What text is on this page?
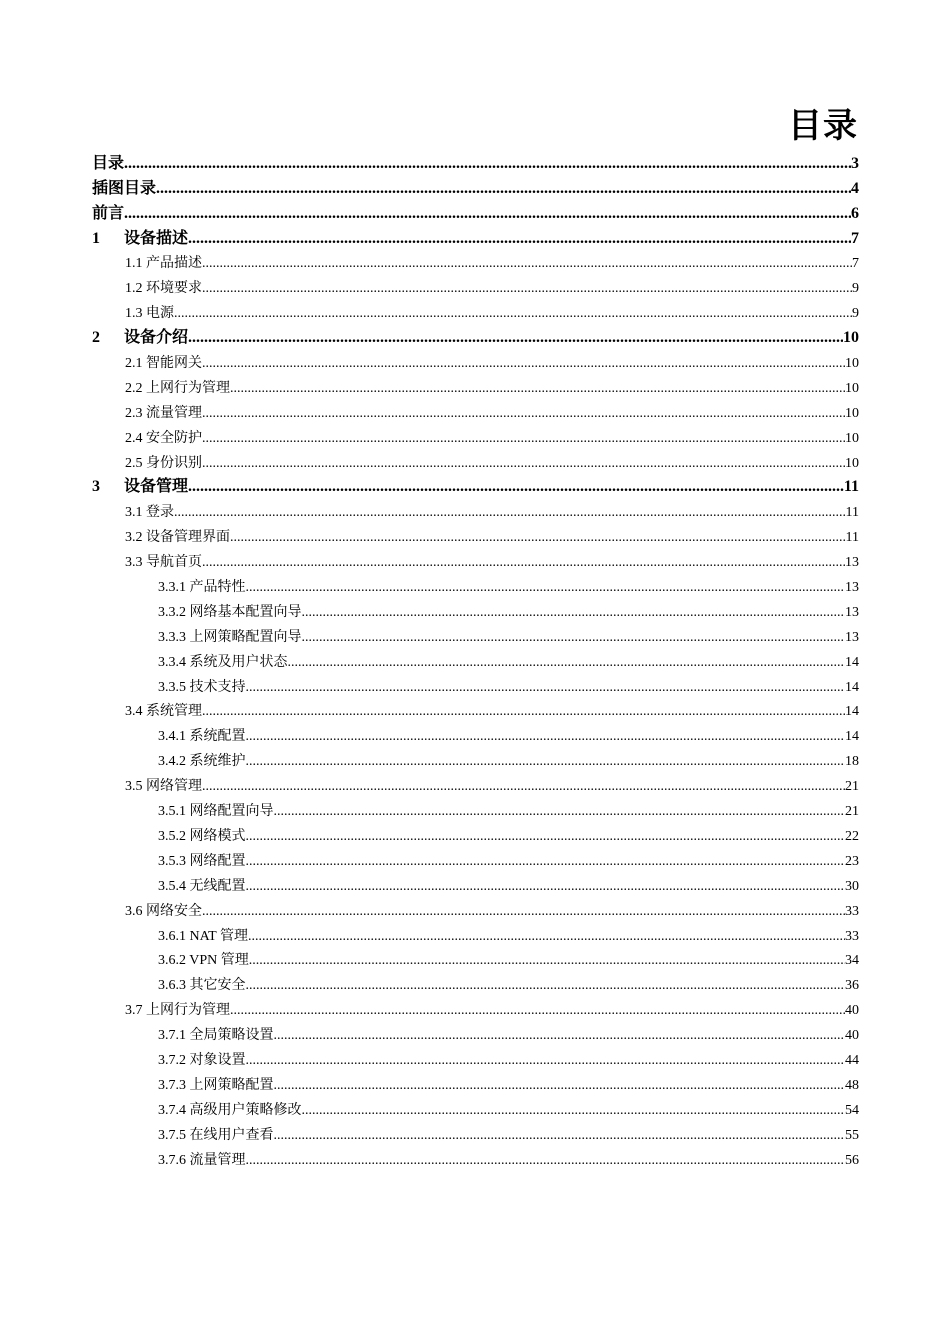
目录
目录 .....	3
插图目录 .....	4
前言 .....	6
1	设备描述 .....	7
1.1 产品描述 .....	7
1.2 环境要求 .....	9
1.3 电源 .....	9
2	设备介绍 .....	10
2.1 智能网关 .....	10
2.2 上网行为管理 .....	10
2.3 流量管理 .....	10
2.4 安全防护 .....	10
2.5 身份识别 .....	10
3	设备管理 .....	11
3.1 登录 .....	11
3.2 设备管理界面 .....	11
3.3 导航首页 .....	13
3.3.1 产品特性 .....	13
3.3.2 网络基本配置向导 .....	13
3.3.3 上网策略配置向导 .....	13
3.3.4 系统及用户状态 .....	14
3.3.5 技术支持 .....	14
3.4 系统管理 .....	14
3.4.1 系统配置 .....	14
3.4.2 系统维护 .....	18
3.5 网络管理 .....	21
3.5.1 网络配置向导 .....	21
3.5.2 网络模式 .....	22
3.5.3 网络配置 .....	23
3.5.4 无线配置 .....	30
3.6 网络安全 .....	33
3.6.1 NAT 管理 .....	33
3.6.2 VPN 管理 .....	34
3.6.3 其它安全 .....	36
3.7 上网行为管理 .....	40
3.7.1 全局策略设置 .....	40
3.7.2 对象设置 .....	44
3.7.3 上网策略配置 .....	48
3.7.4 高级用户策略修改 .....	54
3.7.5 在线用户查看 .....	55
3.7.6 流量管理 .....	56
